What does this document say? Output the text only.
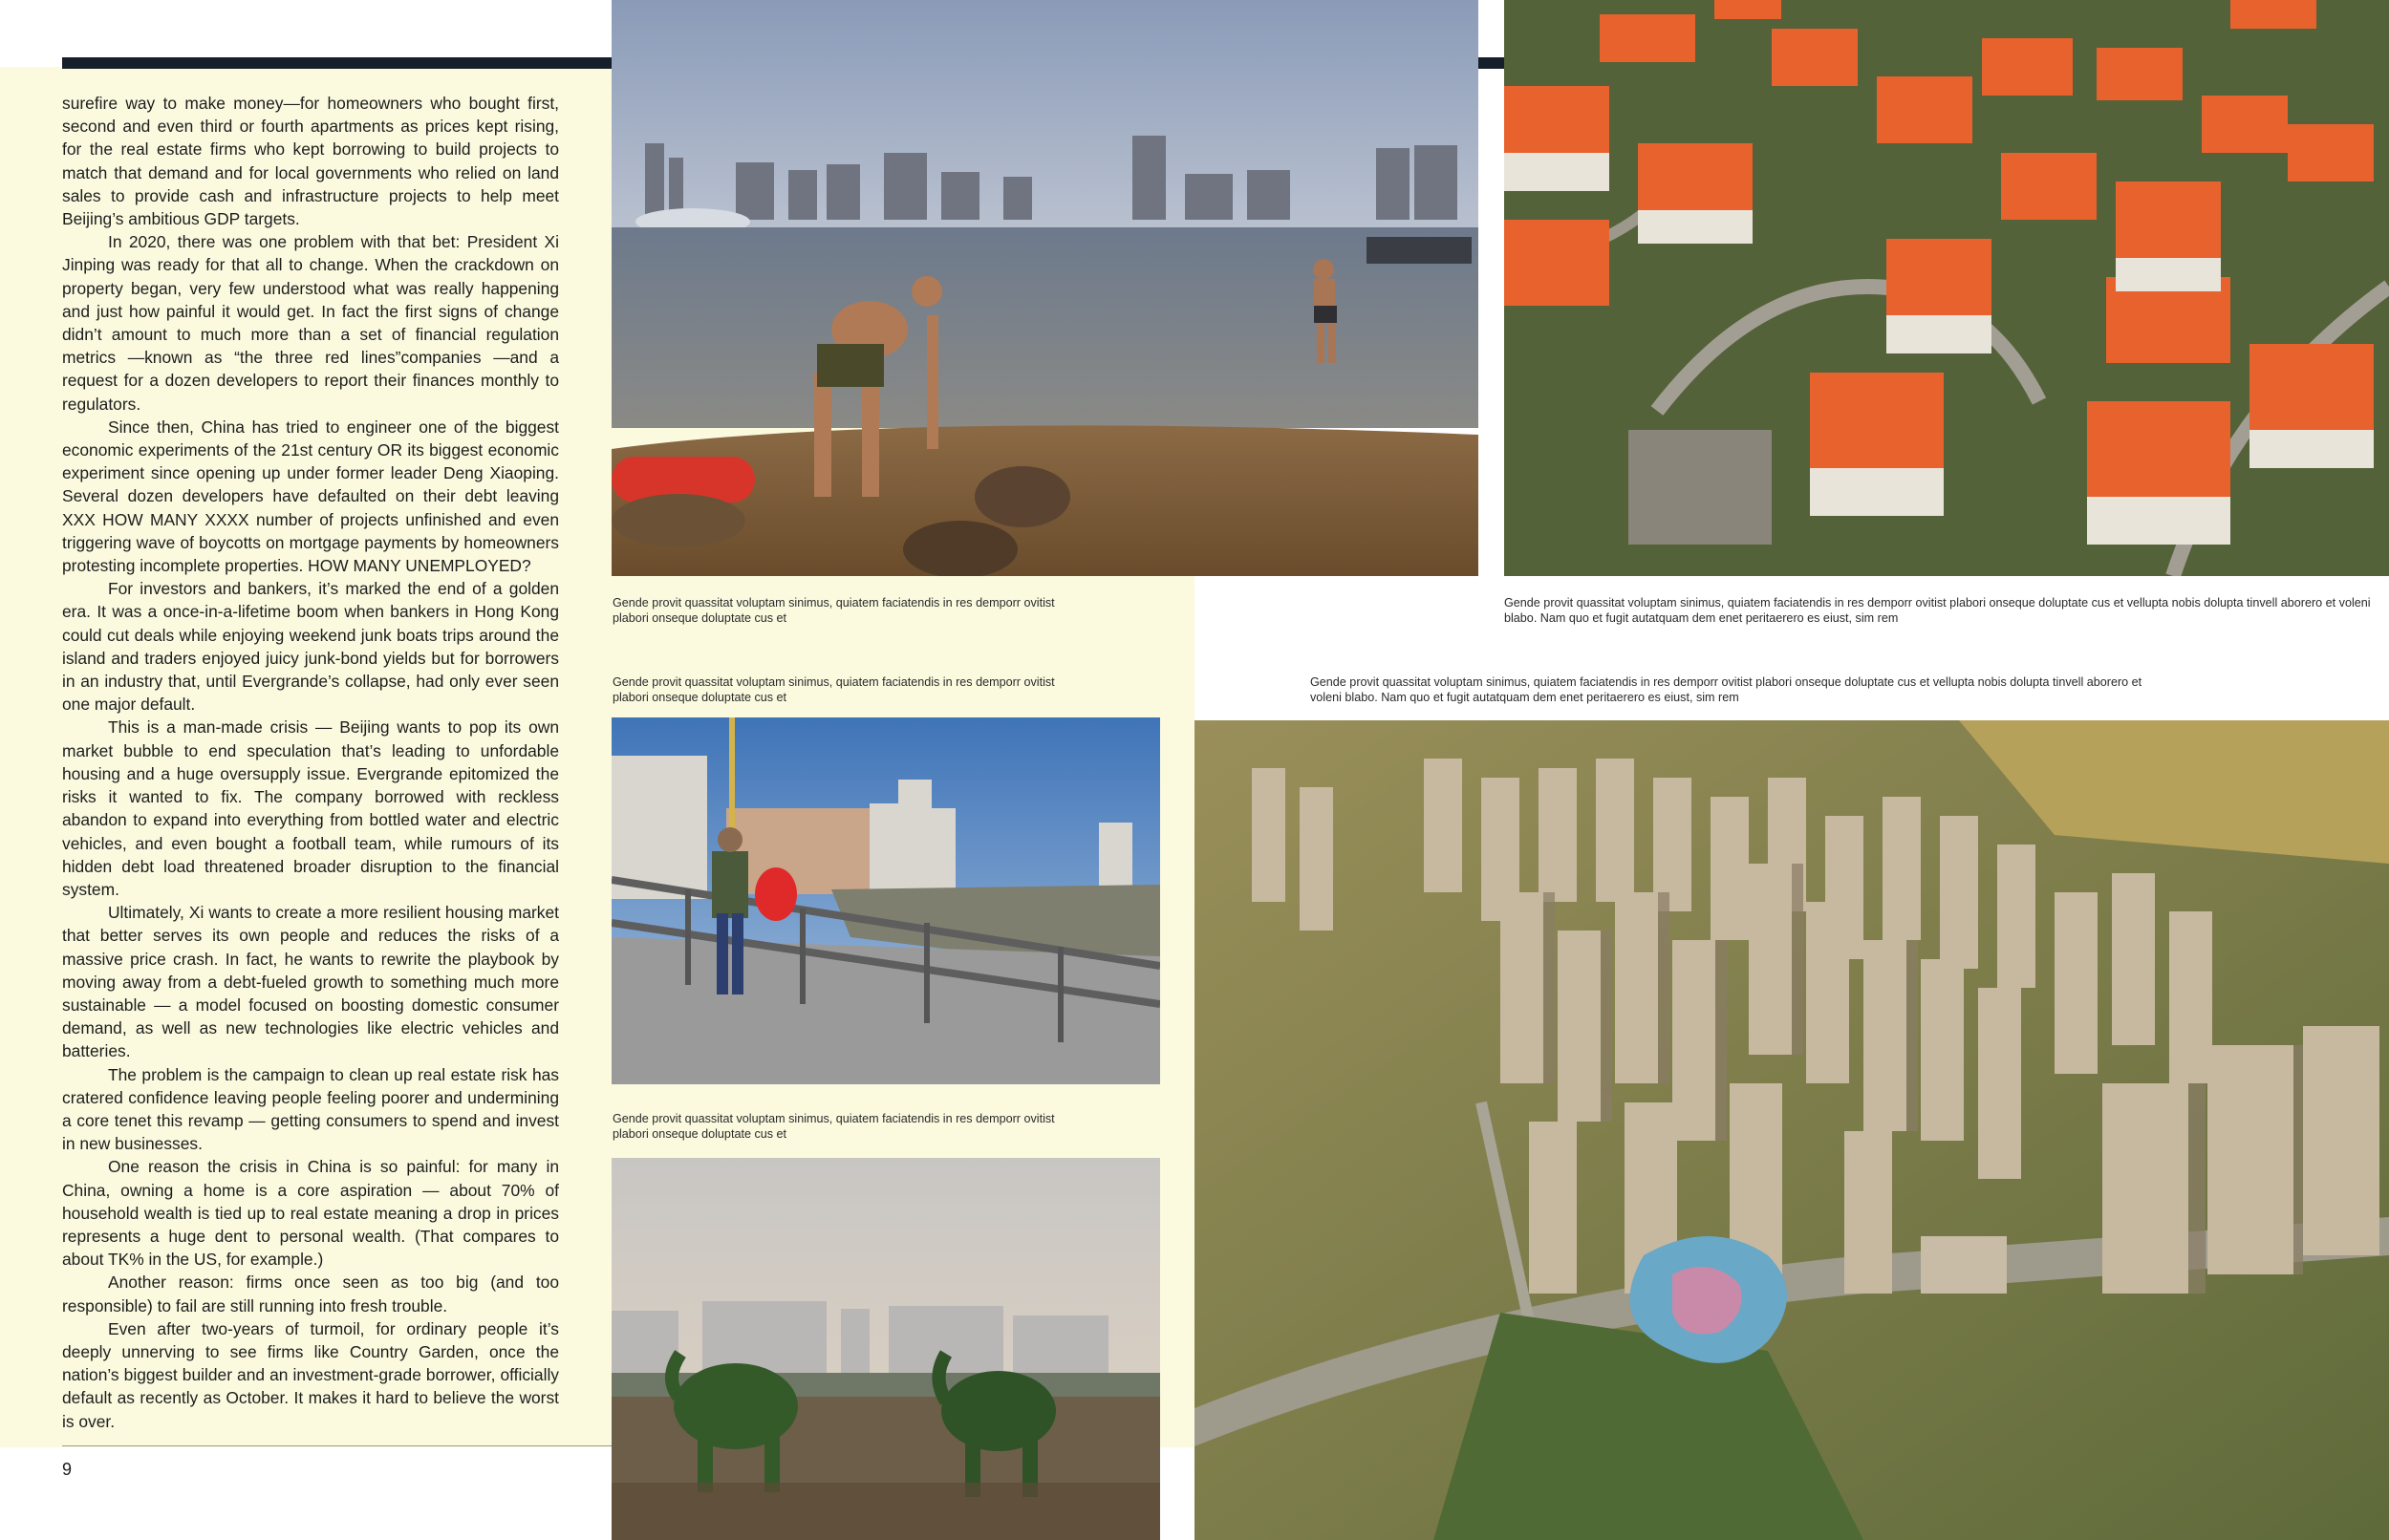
surefire way to make money—for homeowners who bought first, second and even third or fourth apartments as prices kept rising, for the real estate firms who kept borrowing to build projects to match that demand and for local governments who relied on land sales to provide cash and infrastructure projects to help meet Beijing’s ambitious GDP targets.

In 2020, there was one problem with that bet: President Xi Jinping was ready for that all to change. When the crackdown on property began, very few understood what was really happening and just how painful it would get. In fact the first signs of change didn’t amount to much more than a set of financial regulation metrics —known as “the three red lines”companies —and a request for a dozen developers to report their finances monthly to regulators.

Since then, China has tried to engineer one of the biggest economic experiments of the 21st century OR its biggest economic experiment since opening up under former leader Deng Xiaoping. Several dozen developers have defaulted on their debt leaving XXX HOW MANY XXXX number of projects unfinished and even triggering wave of boycotts on mortgage payments by homeowners protesting incomplete properties. HOW MANY UNEMPLOYED?

For investors and bankers, it’s marked the end of a golden era. It was a once-in-a-lifetime boom when bankers in Hong Kong could cut deals while enjoying weekend junk boats trips around the island and traders enjoyed juicy junk-bond yields but for borrowers in an industry that, until Evergrande’s collapse, had only ever seen one major default.

This is a man-made crisis — Beijing wants to pop its own market bubble to end speculation that’s leading to unfordable housing and a huge oversupply issue. Evergrande epitomized the risks it wanted to fix. The company borrowed with reckless abandon to expand into everything from bottled water and electric vehicles, and even bought a football team, while rumours of its hidden debt load threatened broader disruption to the financial system.

Ultimately, Xi wants to create a more resilient housing market that better serves its own people and reduces the risks of a massive price crash. In fact, he wants to rewrite the playbook by moving away from a debt-fueled growth to something much more sustainable — a model focused on boosting domestic consumer demand, as well as new technologies like electric vehicles and batteries.

The problem is the campaign to clean up real estate risk has cratered confidence leaving people feeling poorer and undermining a core tenet this revamp — getting consumers to spend and invest in new businesses.

One reason the crisis in China is so painful: for many in China, owning a home is a core aspiration — about 70% of household wealth is tied up to real estate meaning a drop in prices represents a huge dent to personal wealth. (That compares to about TK% in the US, for example.)

Another reason: firms once seen as too big (and too responsible) to fail are still running into fresh trouble.

Even after two-years of turmoil, for ordinary people it’s deeply unnerving to see firms like Country Garden, once the nation’s biggest builder and an investment-grade borrower, officially default as recently as October. It makes it hard to believe the worst is over.

9
Gende provit quassitat voluptam sinimus, quiatem faciatendis in res demporr ovitist plabori onseque doluptate cus et
Gende provit quassitat voluptam sinimus, quiatem faciatendis in res demporr ovitist plabori onseque doluptate cus et vellupta nobis dolupta tinvell aborero et voleni blabo. Nam quo et fugit autatquam dem enet peritaerero es eiust, sim rem
Gende provit quassitat voluptam sinimus, quiatem faciatendis in res demporr ovitist plabori onseque doluptate cus et
Gende provit quassitat voluptam sinimus, quiatem faciatendis in res demporr ovitist plabori onseque doluptate cus et vellupta nobis dolupta tinvell aborero et voleni blabo. Nam quo et fugit autatquam dem enet peritaerero es eiust, sim rem
Gende provit quassitat voluptam sinimus, quiatem faciatendis in res demporr ovitist plabori onseque doluptate cus et
